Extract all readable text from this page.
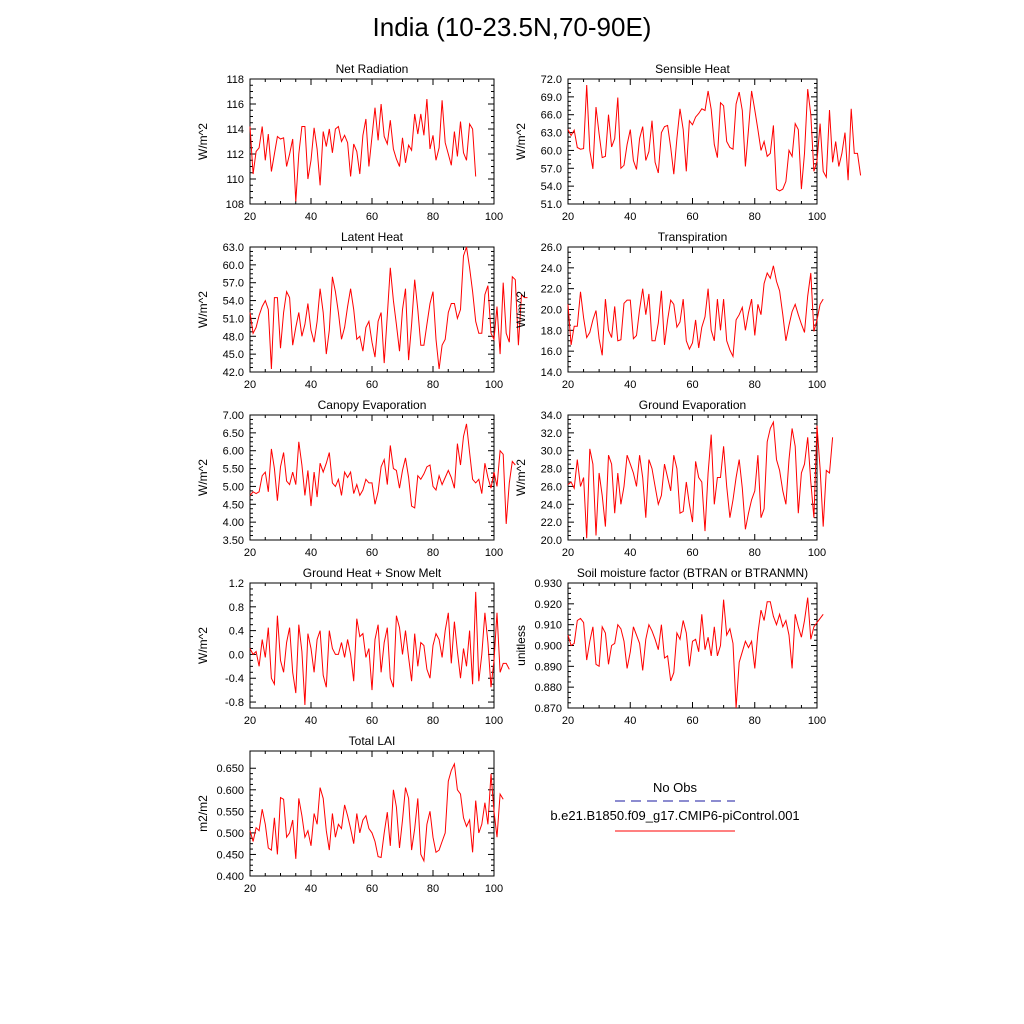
India (10-23.5N,70-90E)
20	40	60	80	100
108
110
112
114
116
118
Net Radiation
W/m^2
20	40	60	80	100
51.0
54.0
57.0
60.0
63.0
66.0
69.0
72.0
Sensible Heat
W/m^2
20	40	60	80	100
42.0
45.0
48.0
51.0
54.0
57.0
60.0
63.0
Latent Heat
W/m^2
20	40	60	80	100
14.0
16.0
18.0
20.0
22.0
24.0
26.0
Transpiration
W/m^2
20	40	60	80	100
3.50
4.00
4.50
5.00
5.50
6.00
6.50
7.00
Canopy Evaporation
W/m^2
20	40	60	80	100
20.0
22.0
24.0
26.0
28.0
30.0
32.0
34.0
Ground Evaporation
W/m^2
20	40	60	80	100
-0.8
-0.4
0.0
0.4
0.8
1.2
Ground Heat + Snow Melt
W/m^2
20	40	60	80	100
0.870
0.880
0.890
0.900
0.910
0.920
0.930
Soil moisture factor (BTRAN or BTRANMN)
unitless
20	40	60	80	100
0.400
0.450
0.500
0.550
0.600
0.650
Total LAI
m2/m2
No Obs
b.e21.B1850.f09_g17.CMIP6-piControl.001
